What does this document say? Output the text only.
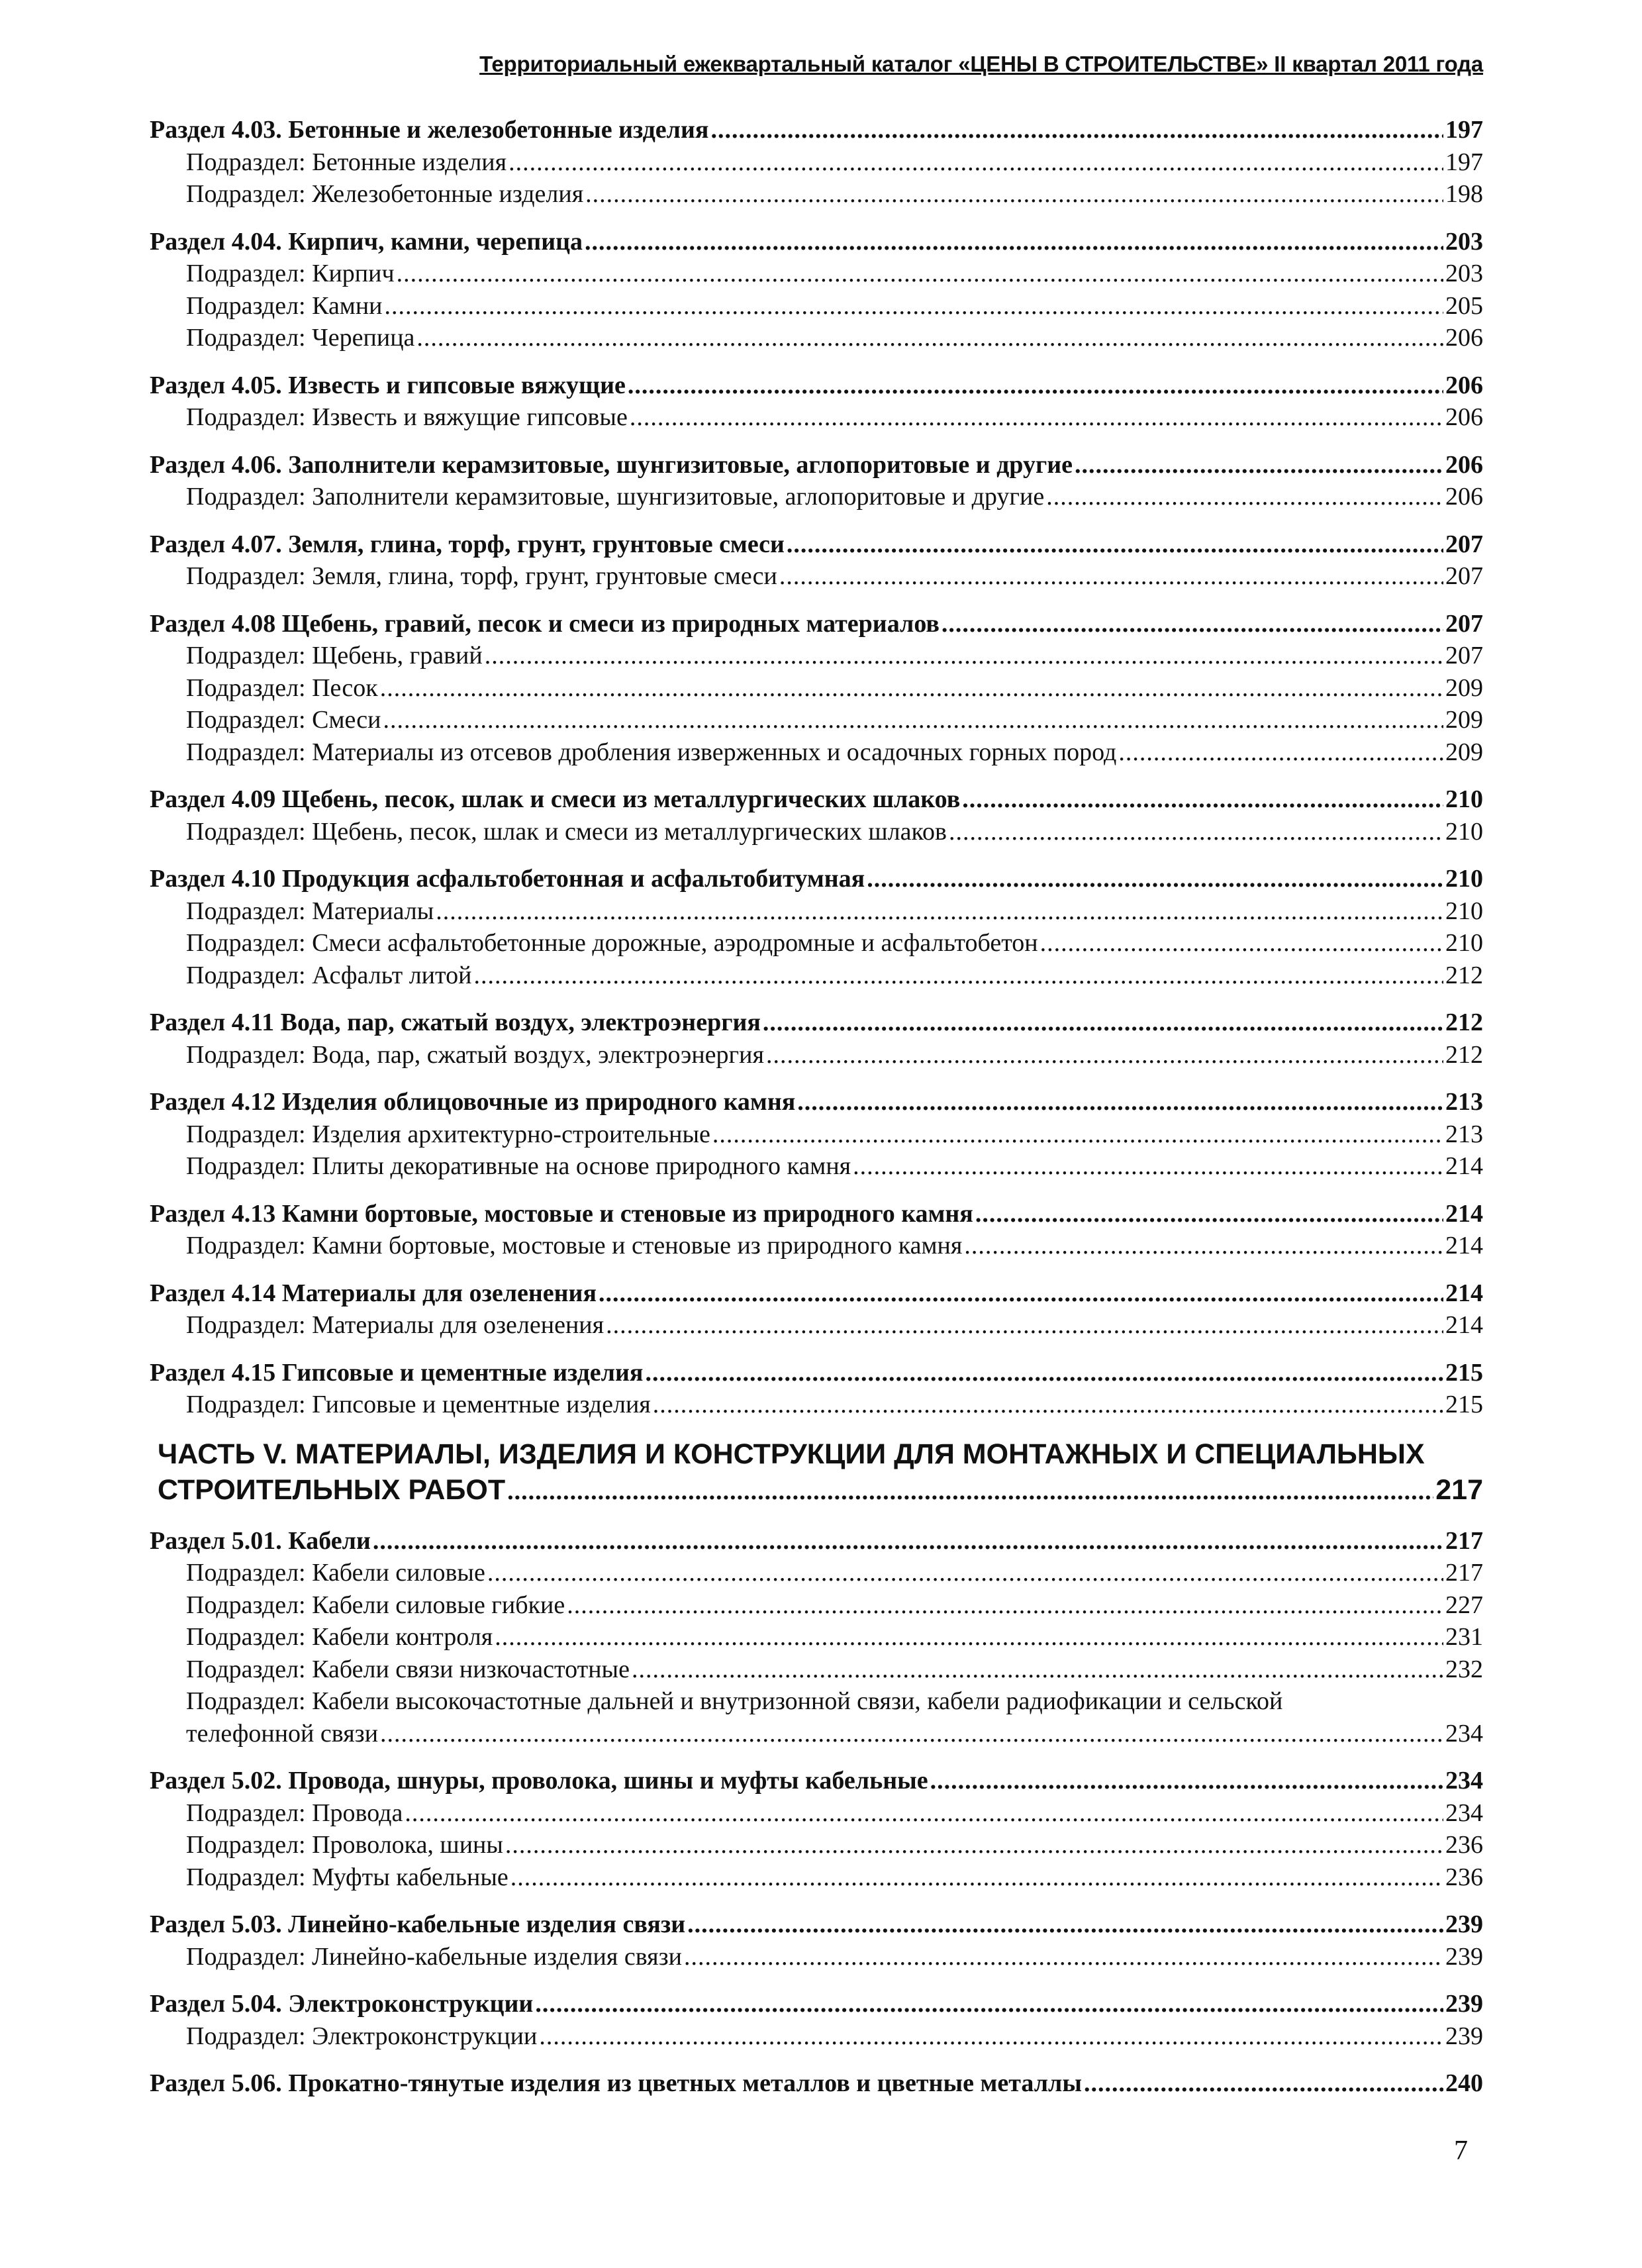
Территориальный ежеквартальный каталог «ЦЕНЫ В СТРОИТЕЛЬСТВЕ» II квартал 2011 года
Раздел 4.03. Бетонные и железобетонные изделия .....	197
Подраздел: Бетонные изделия .....	197
Подраздел: Железобетонные изделия .....	198
Раздел 4.04. Кирпич, камни, черепица .....	203
Подраздел: Кирпич .....	203
Подраздел: Камни .....	205
Подраздел: Черепица .....	206
Раздел 4.05. Известь и гипсовые вяжущие .....	206
Подраздел: Известь и вяжущие гипсовые .....	206
Раздел 4.06. Заполнители керамзитовые, шунгизитовые, аглопоритовые и другие .....	206
Подраздел: Заполнители керамзитовые, шунгизитовые, аглопоритовые и другие .....	206
Раздел 4.07. Земля, глина, торф, грунт, грунтовые смеси .....	207
Подраздел: Земля, глина, торф, грунт, грунтовые смеси .....	207
Раздел 4.08 Щебень, гравий, песок и смеси из природных материалов .....	207
Подраздел: Щебень, гравий .....	207
Подраздел: Песок .....	209
Подраздел: Смеси .....	209
Подраздел: Материалы из отсевов дробления изверженных и осадочных горных пород .....	209
Раздел 4.09 Щебень, песок, шлак и смеси из металлургических шлаков .....	210
Подраздел: Щебень, песок, шлак и смеси из металлургических шлаков .....	210
Раздел 4.10 Продукция асфальтобетонная и асфальтобитумная .....	210
Подраздел: Материалы .....	210
Подраздел: Смеси асфальтобетонные дорожные, аэродромные и асфальтобетон .....	210
Подраздел: Асфальт литой .....	212
Раздел 4.11 Вода, пар, сжатый воздух, электроэнергия .....	212
Подраздел: Вода, пар, сжатый воздух, электроэнергия .....	212
Раздел 4.12 Изделия облицовочные из природного камня .....	213
Подраздел: Изделия архитектурно-строительные .....	213
Подраздел: Плиты декоративные на основе природного камня .....	214
Раздел 4.13 Камни бортовые, мостовые и стеновые из природного камня .....	214
Подраздел: Камни бортовые, мостовые и стеновые из природного камня .....	214
Раздел 4.14 Материалы для озеленения .....	214
Подраздел: Материалы для озеленения .....	214
Раздел 4.15 Гипсовые и цементные изделия .....	215
Подраздел: Гипсовые и цементные изделия .....	215
ЧАСТЬ V. МАТЕРИАЛЫ, ИЗДЕЛИЯ И КОНСТРУКЦИИ ДЛЯ МОНТАЖНЫХ И СПЕЦИАЛЬНЫХ
СТРОИТЕЛЬНЫХ РАБОТ .....	217
Раздел 5.01. Кабели .....	217
Подраздел: Кабели силовые .....	217
Подраздел: Кабели силовые гибкие .....	227
Подраздел: Кабели контроля .....	231
Подраздел: Кабели связи низкочастотные .....	232
Подраздел: Кабели высокочастотные дальней и внутризонной связи, кабели радиофикации и сельской
телефонной связи .....	234
Раздел 5.02. Провода, шнуры, проволока, шины и муфты кабельные .....	234
Подраздел: Провода .....	234
Подраздел: Проволока, шины .....	236
Подраздел: Муфты кабельные .....	236
Раздел 5.03. Линейно-кабельные изделия связи .....	239
Подраздел: Линейно-кабельные изделия связи .....	239
Раздел 5.04. Электроконструкции .....	239
Подраздел: Электроконструкции .....	239
Раздел 5.06. Прокатно-тянутые изделия из цветных металлов и цветные металлы .....	240
7
